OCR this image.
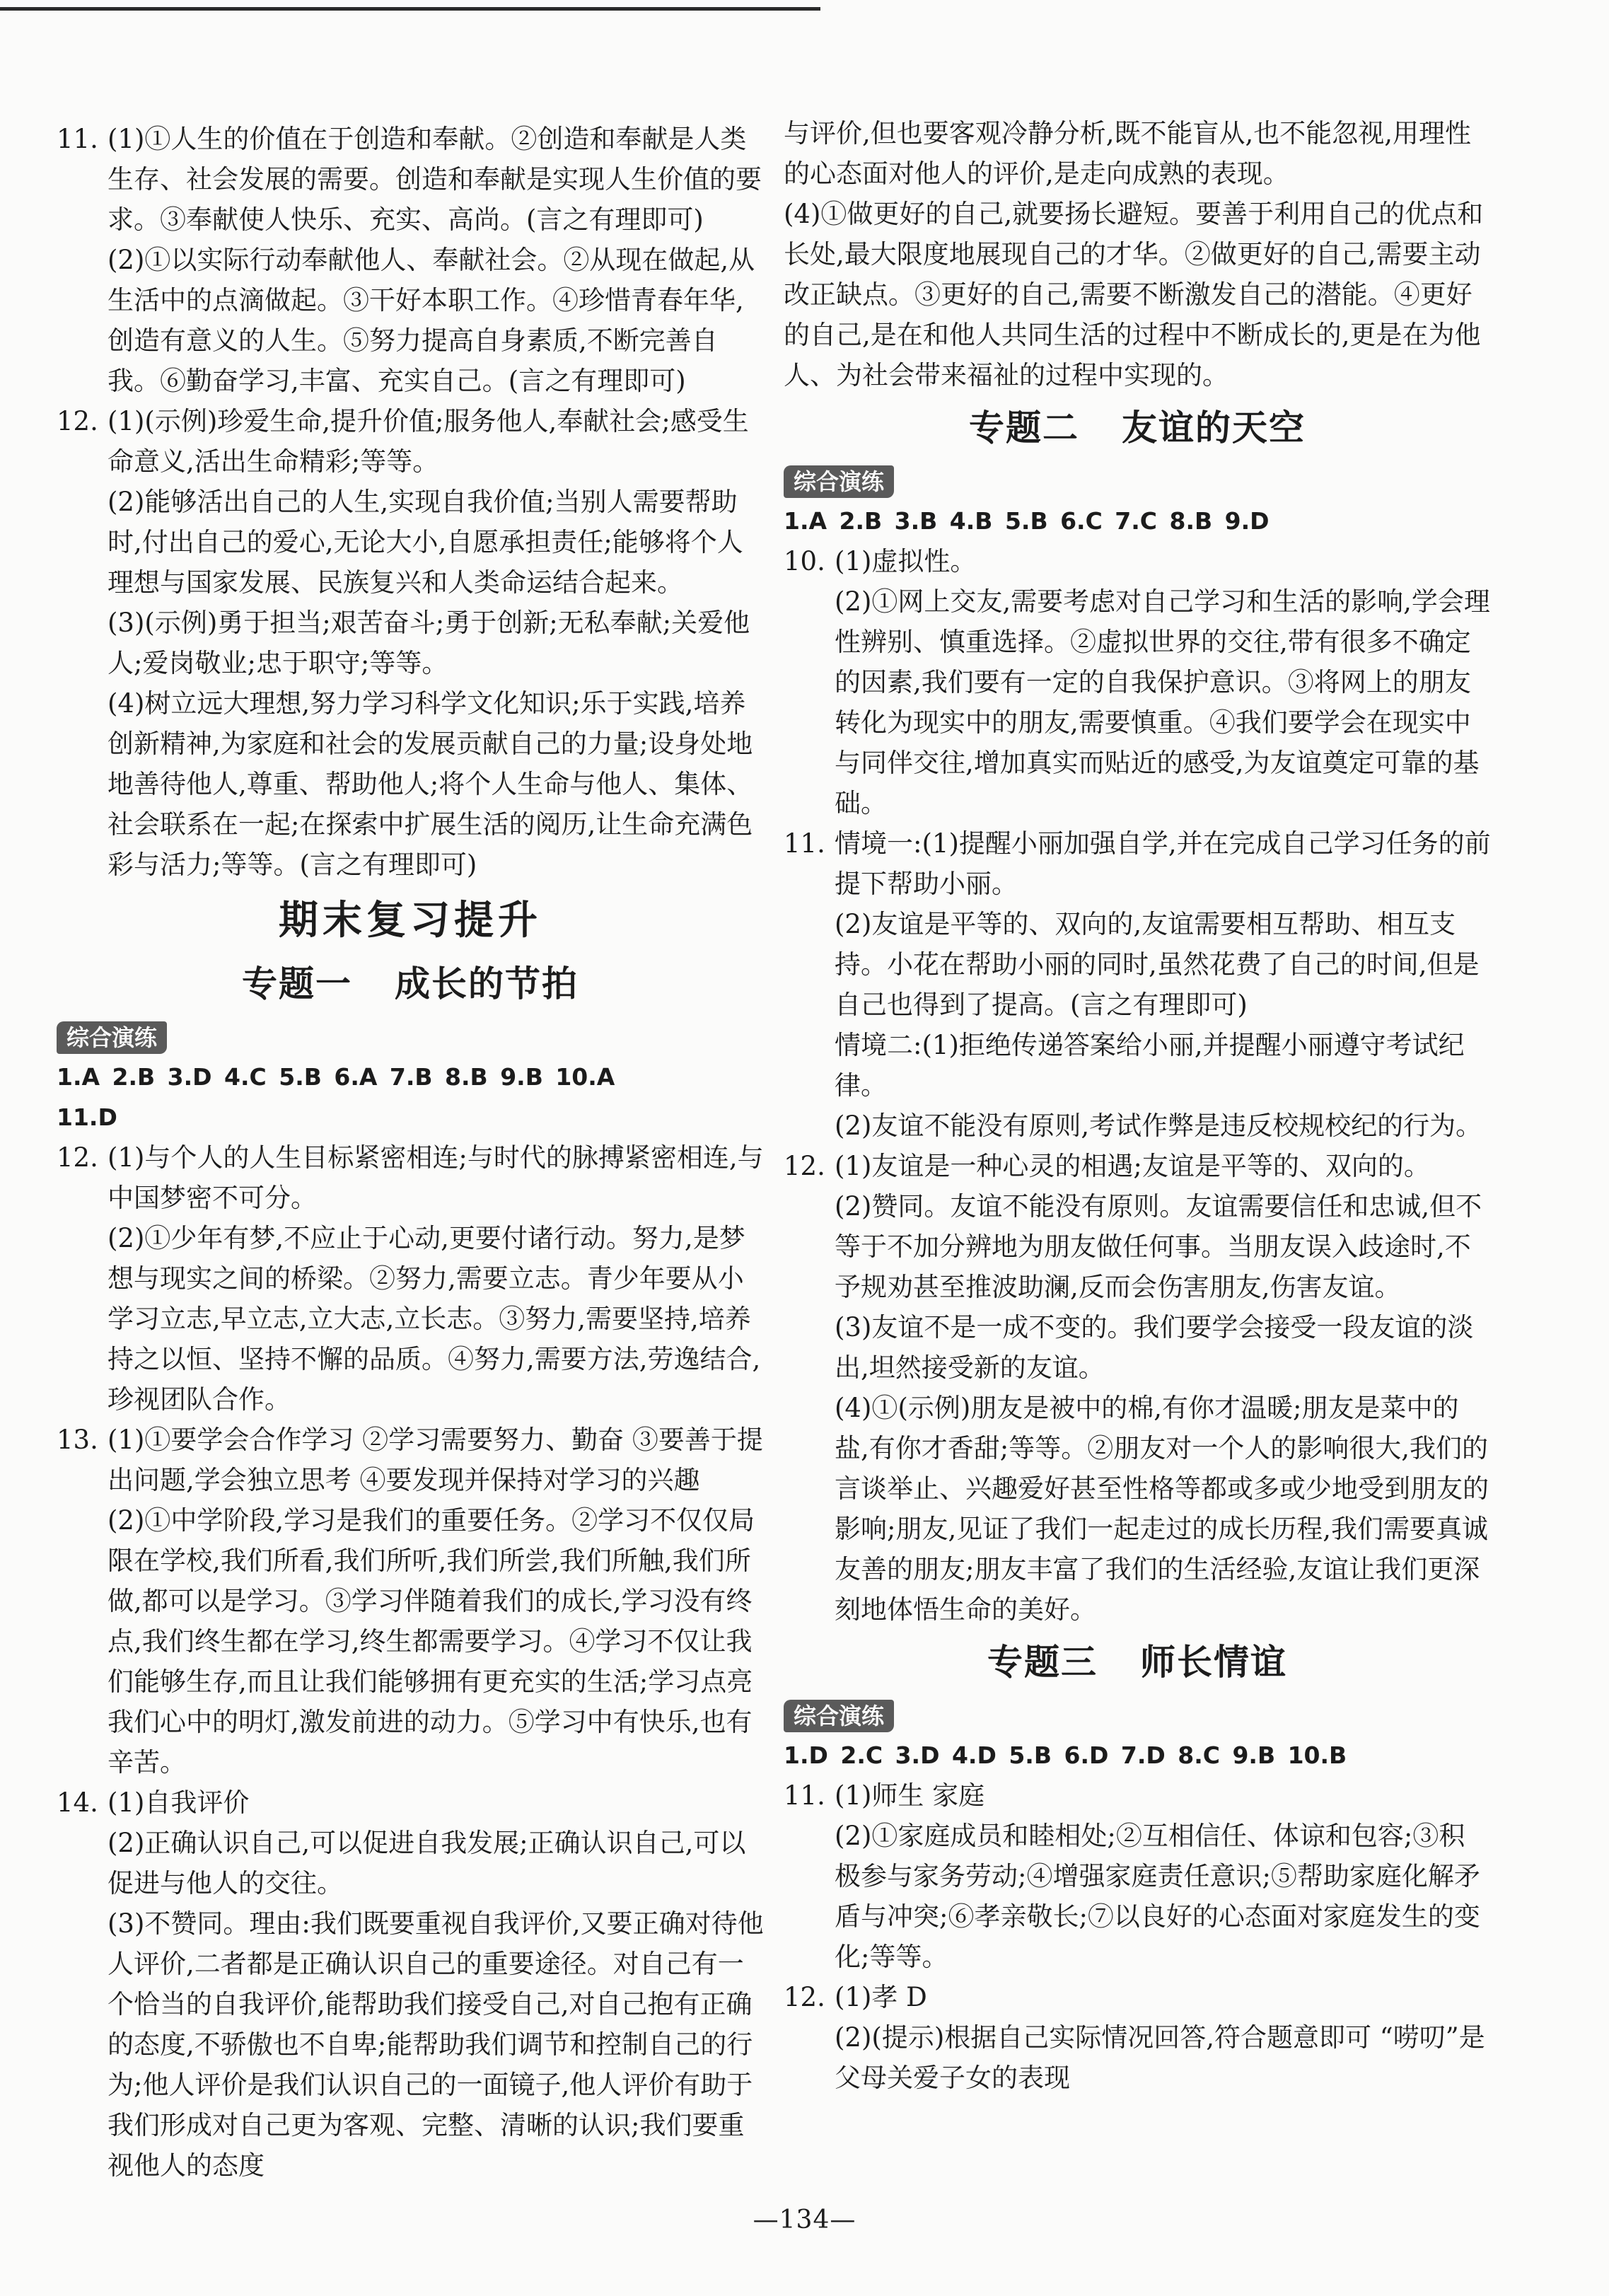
11. (1)①人生的价值在于创造和奉献。②创造和奉献是人类生存、社会发展的需要。创造和奉献是实现人生价值的要求。③奉献使人快乐、充实、高尚。(言之有理即可)

(2)①以实际行动奉献他人、奉献社会。②从现在做起,从生活中的点滴做起。③干好本职工作。④珍惜青春年华,创造有意义的人生。⑤努力提高自身素质,不断完善自我。⑥勤奋学习,丰富、充实自己。(言之有理即可)

12. (1)(示例)珍爱生命,提升价值;服务他人,奉献社会;感受生命意义,活出生命精彩;等等。

(2)能够活出自己的人生,实现自我价值;当别人需要帮助时,付出自己的爱心,无论大小,自愿承担责任;能够将个人理想与国家发展、民族复兴和人类命运结合起来。

(3)(示例)勇于担当;艰苦奋斗;勇于创新;无私奉献;关爱他人;爱岗敬业;忠于职守;等等。

(4)树立远大理想,努力学习科学文化知识;乐于实践,培养创新精神,为家庭和社会的发展贡献自己的力量;设身处地地善待他人,尊重、帮助他人;将个人生命与他人、集体、社会联系在一起;在探索中扩展生活的阅历,让生命充满色彩与活力;等等。(言之有理即可)

期末复习提升
专题一 成长的节拍
综合演练

1.A 2.B 3.D 4.C 5.B 6.A 7.B 8.B 9.B 10.A

11.D

12. (1)与个人的人生目标紧密相连;与时代的脉搏紧密相连,与中国梦密不可分。

(2)①少年有梦,不应止于心动,更要付诸行动。努力,是梦想与现实之间的桥梁。②努力,需要立志。青少年要从小学习立志,早立志,立大志,立长志。③努力,需要坚持,培养持之以恒、坚持不懈的品质。④努力,需要方法,劳逸结合,珍视团队合作。

13. (1)①要学会合作学习 ②学习需要努力、勤奋 ③要善于提出问题,学会独立思考 ④要发现并保持对学习的兴趣

(2)①中学阶段,学习是我们的重要任务。②学习不仅仅局限在学校,我们所看,我们所听,我们所尝,我们所触,我们所做,都可以是学习。③学习伴随着我们的成长,学习没有终点,我们终生都在学习,终生都需要学习。④学习不仅让我们能够生存,而且让我们能够拥有更充实的生活;学习点亮我们心中的明灯,激发前进的动力。⑤学习中有快乐,也有辛苦。

14. (1)自我评价

(2)正确认识自己,可以促进自我发展;正确认识自己,可以促进与他人的交往。

(3)不赞同。理由:我们既要重视自我评价,又要正确对待他人评价,二者都是正确认识自己的重要途径。对自己有一个恰当的自我评价,能帮助我们接受自己,对自己抱有正确的态度,不骄傲也不自卑;能帮助我们调节和控制自己的行为;他人评价是我们认识自己的一面镜子,他人评价有助于我们形成对自己更为客观、完整、清晰的认识;我们要重视他人的态度

与评价,但也要客观冷静分析,既不能盲从,也不能忽视,用理性的心态面对他人的评价,是走向成熟的表现。

(4)①做更好的自己,就要扬长避短。要善于利用自己的优点和长处,最大限度地展现自己的才华。②做更好的自己,需要主动改正缺点。③更好的自己,需要不断激发自己的潜能。④更好的自己,是在和他人共同生活的过程中不断成长的,更是在为他人、为社会带来福祉的过程中实现的。

专题二 友谊的天空
综合演练

1.A 2.B 3.B 4.B 5.B 6.C 7.C 8.B 9.D

10. (1)虚拟性。

(2)①网上交友,需要考虑对自己学习和生活的影响,学会理性辨别、慎重选择。②虚拟世界的交往,带有很多不确定的因素,我们要有一定的自我保护意识。③将网上的朋友转化为现实中的朋友,需要慎重。④我们要学会在现实中与同伴交往,增加真实而贴近的感受,为友谊奠定可靠的基础。

11. 情境一:(1)提醒小丽加强自学,并在完成自己学习任务的前提下帮助小丽。

(2)友谊是平等的、双向的,友谊需要相互帮助、相互支持。小花在帮助小丽的同时,虽然花费了自己的时间,但是自己也得到了提高。(言之有理即可)

情境二:(1)拒绝传递答案给小丽,并提醒小丽遵守考试纪律。

(2)友谊不能没有原则,考试作弊是违反校规校纪的行为。

12. (1)友谊是一种心灵的相遇;友谊是平等的、双向的。

(2)赞同。友谊不能没有原则。友谊需要信任和忠诚,但不等于不加分辨地为朋友做任何事。当朋友误入歧途时,不予规劝甚至推波助澜,反而会伤害朋友,伤害友谊。

(3)友谊不是一成不变的。我们要学会接受一段友谊的淡出,坦然接受新的友谊。

(4)①(示例)朋友是被中的棉,有你才温暖;朋友是菜中的盐,有你才香甜;等等。②朋友对一个人的影响很大,我们的言谈举止、兴趣爱好甚至性格等都或多或少地受到朋友的影响;朋友,见证了我们一起走过的成长历程,我们需要真诚友善的朋友;朋友丰富了我们的生活经验,友谊让我们更深刻地体悟生命的美好。

专题三 师长情谊
综合演练

1.D 2.C 3.D 4.D 5.B 6.D 7.D 8.C 9.B 10.B

11. (1)师生 家庭

(2)①家庭成员和睦相处;②互相信任、体谅和包容;③积极参与家务劳动;④增强家庭责任意识;⑤帮助家庭化解矛盾与冲突;⑥孝亲敬长;⑦以良好的心态面对家庭发生的变化;等等。

12. (1)孝 D

(2)(提示)根据自己实际情况回答,符合题意即可 “唠叨”是父母关爱子女的表现

—134—
